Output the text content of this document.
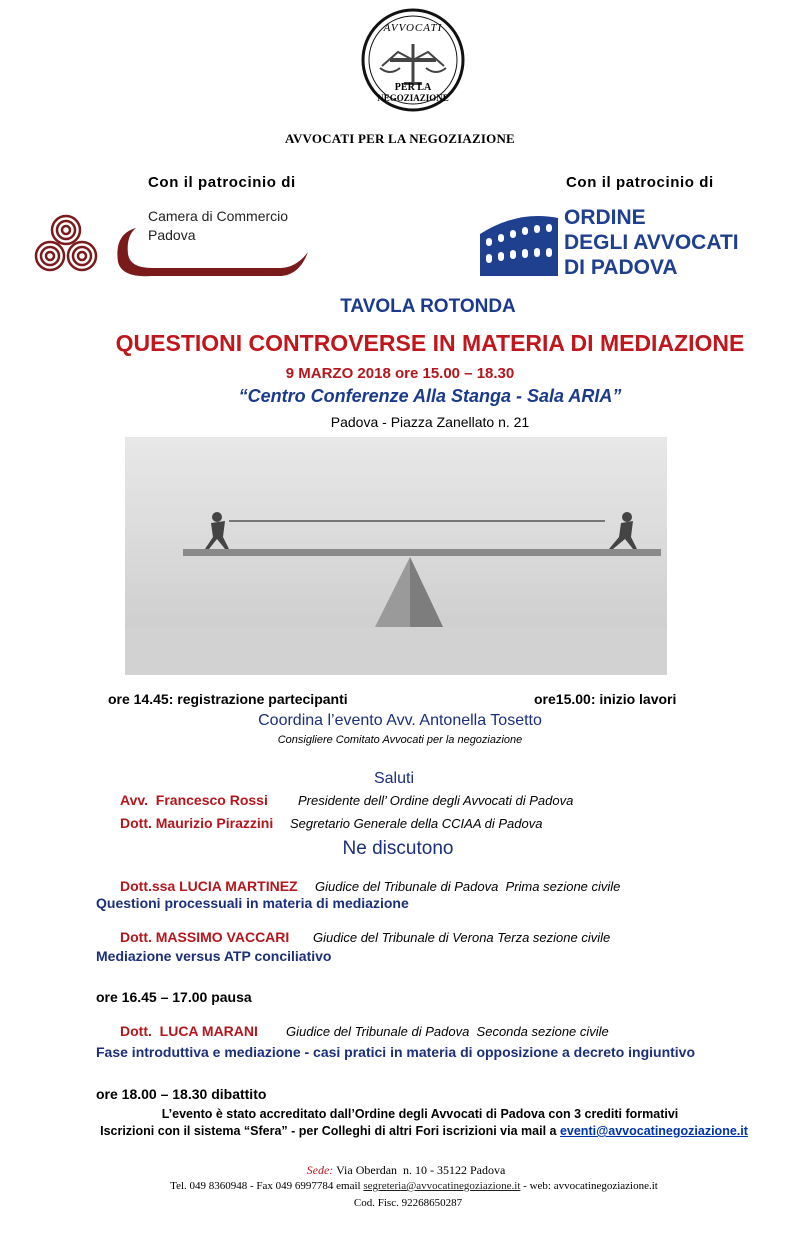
AVVOCATI
PER LA
NEGOZIAZIONE
AVVOCATI PER LA NEGOZIAZIONE
Con il patrocinio di	Con il patrocinio di
Camera di Commercio
Padova
ORDINE
DEGLI AVVOCATI
DI PADOVA
TAVOLA ROTONDA
QUESTIONI CONTROVERSE IN MATERIA DI MEDIAZIONE
9 MARZO 2018 ore 15.00 – 18.30
“Centro Conferenze Alla Stanga - Sala ARIA”
Padova - Piazza Zanellato n. 21
ore 14.45: registrazione partecipanti	ore15.00: inizio lavori
Coordina l’evento Avv. Antonella Tosetto
Consigliere Comitato Avvocati per la negoziazione
Saluti
Avv.  Francesco Rossi Presidente dell’ Ordine degli Avvocati di Padova
Dott. Maurizio Pirazzini Segretario Generale della CCIAA di Padova
Ne discutono
Dott.ssa LUCIA MARTINEZ Giudice del Tribunale di Padova  Prima sezione civile
Questioni processuali in materia di mediazione
Dott. MASSIMO VACCARI Giudice del Tribunale di Verona Terza sezione civile
Mediazione versus ATP conciliativo
ore 16.45 – 17.00 pausa
Dott.  LUCA MARANI Giudice del Tribunale di Padova  Seconda sezione civile
Fase introduttiva e mediazione - casi pratici in materia di opposizione a decreto ingiuntivo
ore 18.00 – 18.30 dibattito
L’evento è stato accreditato dall’Ordine degli Avvocati di Padova con 3 crediti formativi
Iscrizioni con il sistema “Sfera” - per Colleghi di altri Fori iscrizioni via mail a eventi@avvocatinegoziazione.it
Sede: Via Oberdan  n. 10 - 35122 Padova
Tel. 049 8360948 - Fax 049 6997784 email segreteria@avvocatinegoziazione.it - web: avvocatinegoziazione.it
Cod. Fisc. 92268650287
